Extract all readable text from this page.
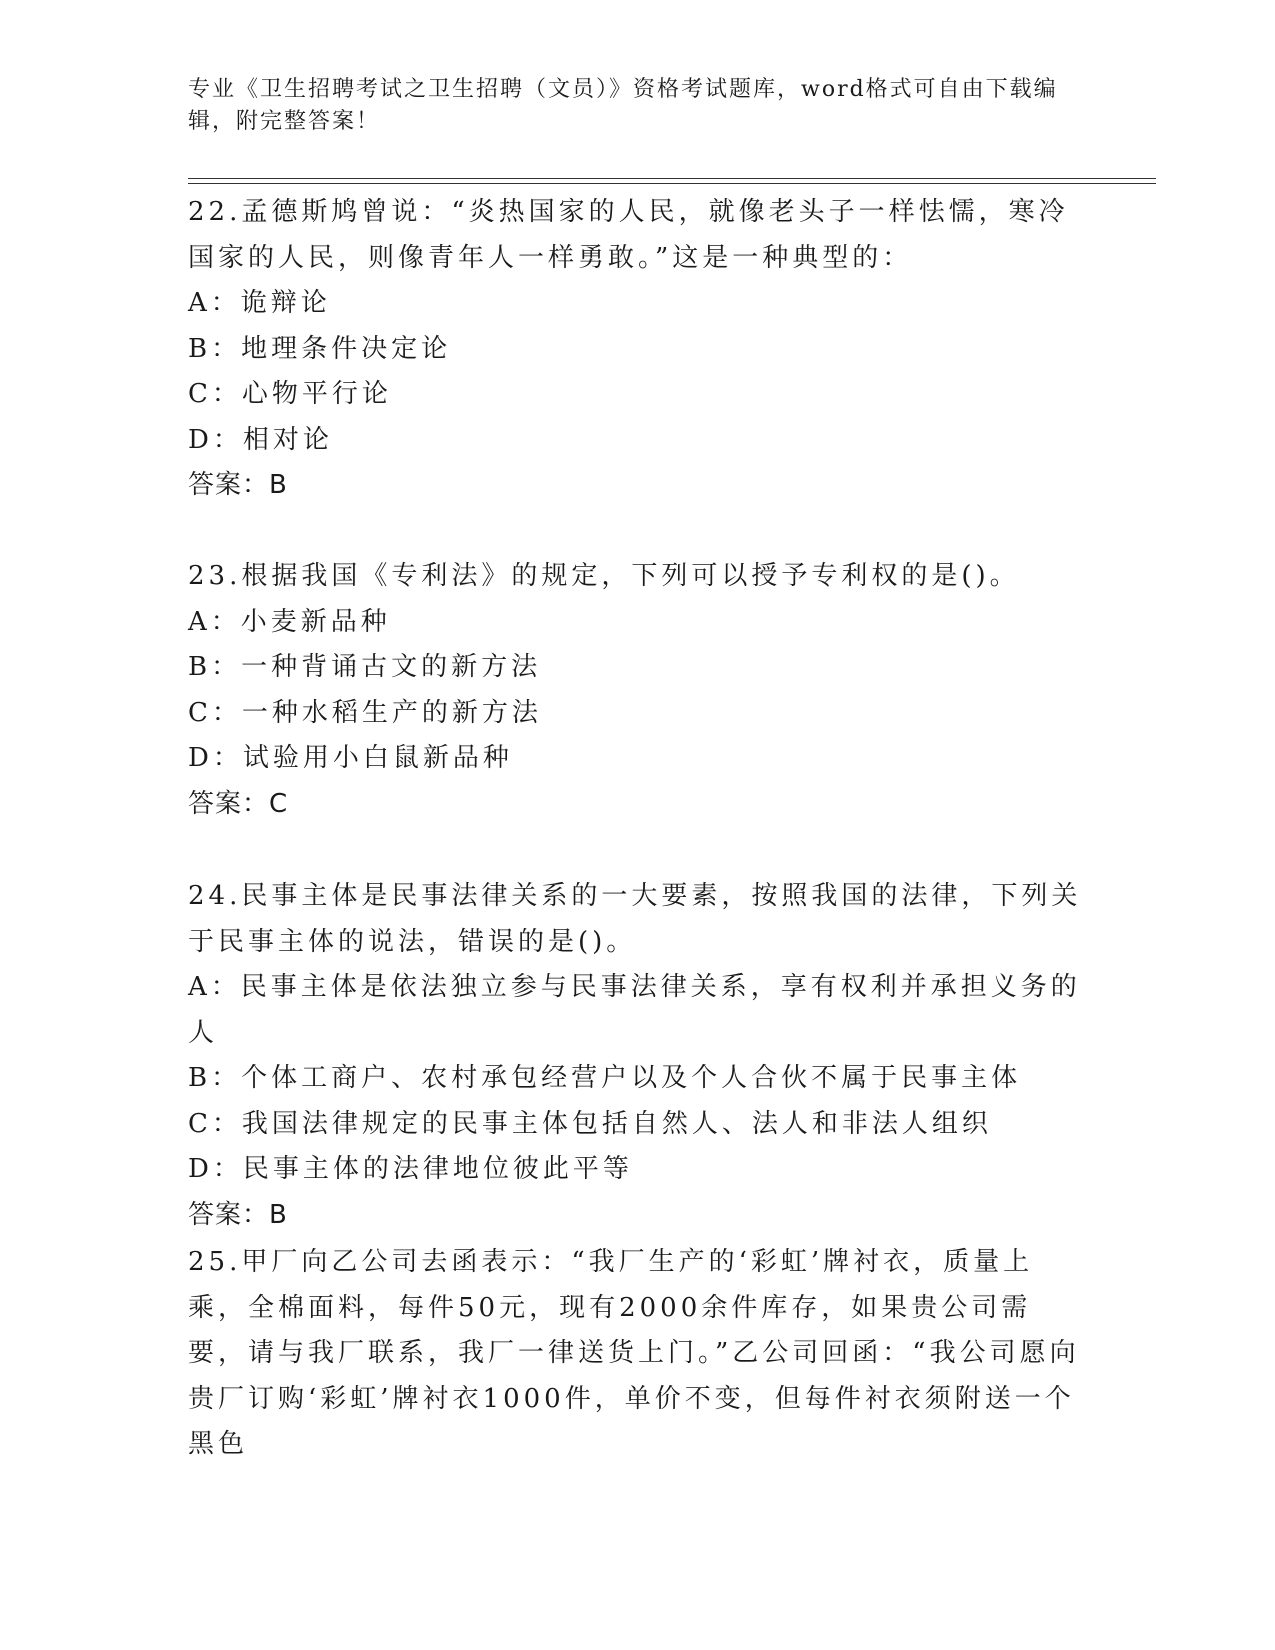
专业《卫生招聘考试之卫生招聘（文员）》资格考试题库，word格式可自由下载编辑，附完整答案！
22.孟德斯鸠曾说：“炎热国家的人民，就像老头子一样怯懦，寒冷国家的人民，则像青年人一样勇敢。”这是一种典型的：
A：诡辩论
B：地理条件决定论
C：心物平行论
D：相对论
答案：B
23.根据我国《专利法》的规定，下列可以授予专利权的是()。
A：小麦新品种
B：一种背诵古文的新方法
C：一种水稻生产的新方法
D：试验用小白鼠新品种
答案：C
24.民事主体是民事法律关系的一大要素，按照我国的法律，下列关于民事主体的说法，错误的是()。
A：民事主体是依法独立参与民事法律关系，享有权利并承担义务的人
B：个体工商户、农村承包经营户以及个人合伙不属于民事主体
C：我国法律规定的民事主体包括自然人、法人和非法人组织
D：民事主体的法律地位彼此平等
答案：B
25.甲厂向乙公司去函表示：“我厂生产的‘彩虹’牌衬衣，质量上乘，全棉面料，每件50元，现有2000余件库存，如果贵公司需要，请与我厂联系，我厂一律送货上门。”乙公司回函：“我公司愿向贵厂订购‘彩虹’牌衬衣1000件，单价不变，但每件衬衣须附送一个黑色
